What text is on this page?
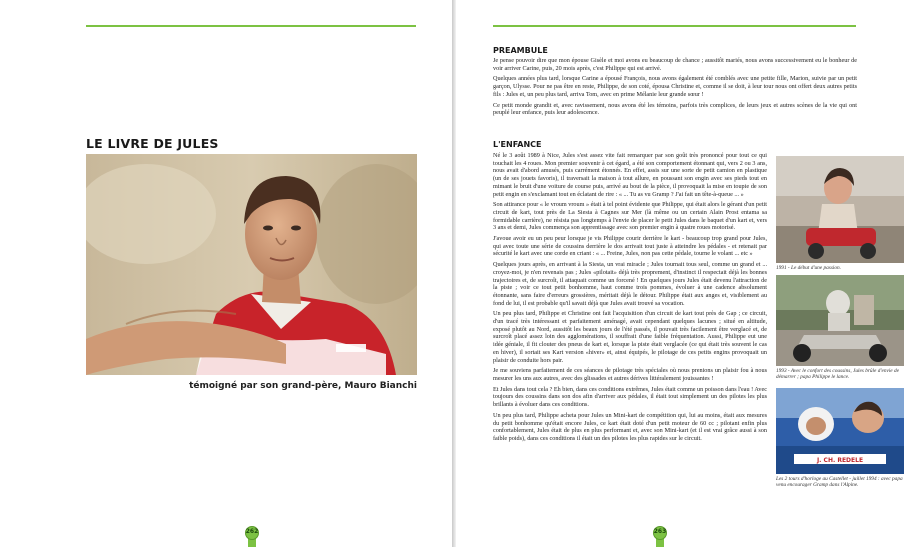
LE LIVRE DE JULES
témoigné par son grand-père, Mauro Bianchi
262
PREAMBULE

Je pense pouvoir dire que mon épouse Gisèle et moi avons eu beaucoup de chance ; aussitôt mariés, nous avons successivement eu le bonheur de voir arriver Carine, puis, 20 mois après, c'est Philippe qui est arrivé.

Quelques années plus tard, lorsque Carine a épousé François, nous avons également été comblés avec une petite fille, Marion, suivie par un petit garçon, Ulysse. Pour ne pas être en reste, Philippe, de son coté, épousa Christine et, comme il se doit, à leur tour nous ont offert deux autres petits fils : Jules et, un peu plus tard, arriva Tom, avec en prime Mélanie leur grande sœur !

Ce petit monde grandit et, avec ravissement, nous avons été les témoins, parfois très complices, de leurs jeux et autres scènes de la vie qui ont peuplé leur enfance, puis leur adolescence.

L'ENFANCE

Né le 3 août 1989 à Nice, Jules s'est assez vite fait remarquer par son goût très prononcé pour tout ce qui touchait les 4 roues. Mon premier souvenir à cet égard, a été son comportement étonnant qui, vers 2 ou 3 ans, nous avait d'abord amusés, puis carrément étonnés. En effet, assis sur une sorte de petit camion en plastique (un de ses jouets favoris), il traversait la maison à tout allure, en poussant son engin avec ses pieds tout en mimant le bruit d'une voiture de course puis, arrivé au bout de la pièce, il provoquait la mise en toupie de son petit engin en s'exclamant tout en éclatant de rire : « ... Tu as vu Gramp ? J'ai fait un tête-à-queue ... »

Son attirance pour « le vroum vroum » était à tel point évidente que Philippe, qui était alors le gérant d'un petit circuit de kart, tout près de La Siesta à Cagnes sur Mer (là même ou un certain Alain Prost entama sa formidable carrière), ne résista pas longtemps à l'envie de placer le petit Jules dans le baquet d'un kart et, vers 3 ans et demi, Jules commença son apprentissage avec son premier engin à quatre roues motorisé.

J'avoue avoir eu un peu peur lorsque je vis Philippe courir derrière le kart - beaucoup trop grand pour Jules, qui avec toute une série de coussins derrière le dos arrivait tout juste à atteindre les pédales - et retenait par sécurité le kart avec une corde en criant : « ... Freine, Jules, non pas cette pédale, tourne le volant ... etc »

Quelques jours après, en arrivant à la Siesta, un vrai miracle ; Jules tournait tous seul, comme un grand et ... croyez-moi, je n'en revenais pas ; Jules «pilotait» déjà très proprement, d'instinct il respectait déjà les bonnes trajectoires et, de surcroît, il attaquait comme un forcené ! En quelques jours Jules était devenu l'attraction de la piste ; voir ce tout petit bonhomme, haut comme trois pommes, évoluer à une cadence absolument étonnante, sans faire d'erreurs grossières, méritait déjà le détour. Philippe était aux anges et, visiblement au fond de lui, il est probable qu'il savait déjà que Jules avait trouvé sa vocation.

Un peu plus tard, Philippe et Christine ont fait l'acquisition d'un circuit de kart tout près de Gap ; ce circuit, d'un tracé très intéressant et parfaitement aménagé, avait cependant quelques lacunes ; situé en altitude, exposé plutôt au Nord, aussitôt les beaux jours de l'été passés, il pouvait très facilement être verglacé et, de surcroît placé assez loin des agglomérations, il souffrait d'une faible fréquentation. Aussi, Philippe eut une idée géniale, il fit clouter des pneus de kart et, lorsque la piste était verglacée (ce qui était très souvent le cas en hiver), il sortait ses Kart version «hiver» et, ainsi équipés, le pilotage de ces petits engins provoquait un plaisir de conduite hors pair.

Je me souviens parfaitement de ces séances de pilotage très spéciales où nous prenions un plaisir fou à nous mesurer les uns aux autres, avec des glissades et autres dérives littéralement jouissantes !

Et Jules dans tout cela ? Eh bien, dans ces conditions extrêmes, Jules était comme un poisson dans l'eau ! Avec toujours des coussins dans son dos afin d'arriver aux pédales, il était tout simplement un des pilotes les plus brillants à évoluer dans ces conditions.

Un peu plus tard, Philippe acheta pour Jules un Mini-kart de compétition qui, lui au moins, était aux mesures du petit bonhomme qu'était encore Jules, ce kart était doté d'un petit moteur de 60 cc ; pilotant enfin plus confortablement, Jules était de plus en plus performant et, avec son Mini-kart (et il est vrai grâce aussi à son faible poids), dans ces conditions il était un des pilotes les plus rapides sur le circuit.

1991 - Le début d'une passion.
1993 - Avec le confort des coussins, Jules brûle d'envie de démarrer ; papa Philippe le lance.
J. CH. REDELE
Les 2 tours d'horloge au Castellet - juillet 1994 : avec papa venu encourager Gramp dans l'Alpine.
263
